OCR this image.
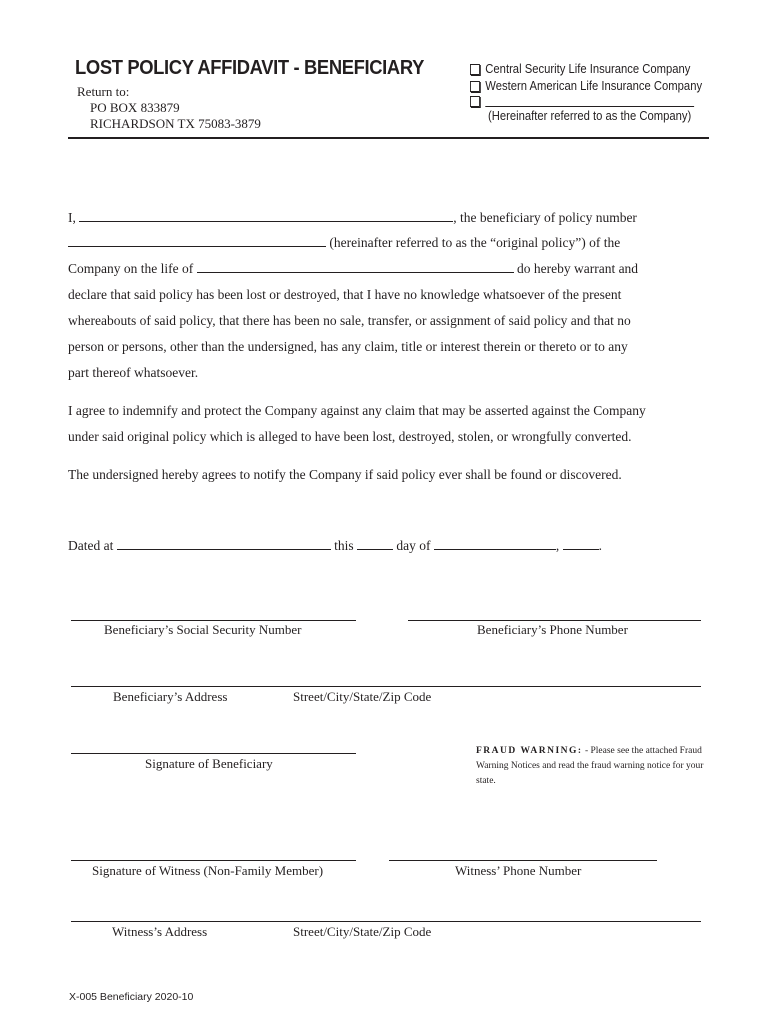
LOST POLICY AFFIDAVIT - BENEFICIARY
Return to:
PO BOX 833879
RICHARDSON TX 75083-3879
Central Security Life Insurance Company
Western American Life Insurance Company
(Hereinafter referred to as the Company)
I,	, the beneficiary of policy number
(hereinafter referred to as the “original policy”) of the
Company on the life of	do hereby warrant and
declare that said policy has been lost or destroyed, that I have no knowledge whatsoever of the present
whereabouts of said policy, that there has been no sale, transfer, or assignment of said policy and that no
person or persons, other than the undersigned, has any claim, title or interest therein or thereto or to any
part thereof whatsoever.
I agree to indemnify and protect the Company against any claim that may be asserted against the Company
under said original policy which is alleged to have been lost, destroyed, stolen, or wrongfully converted.
The undersigned hereby agrees to notify the Company if said policy ever shall be found or discovered.
Dated at	this	day of	,	.
Beneficiary’s Social Security Number	Beneficiary’s Phone Number
Beneficiary’s Address	Street/City/State/Zip Code
Signature of Beneficiary
FRAUD WARNING: - Please see the attached Fraud Warning Notices and read the fraud warning notice for your state.
Signature of Witness (Non-Family Member)	Witness’ Phone Number
Witness’s Address	Street/City/State/Zip Code
X-005 Beneficiary 2020-10
